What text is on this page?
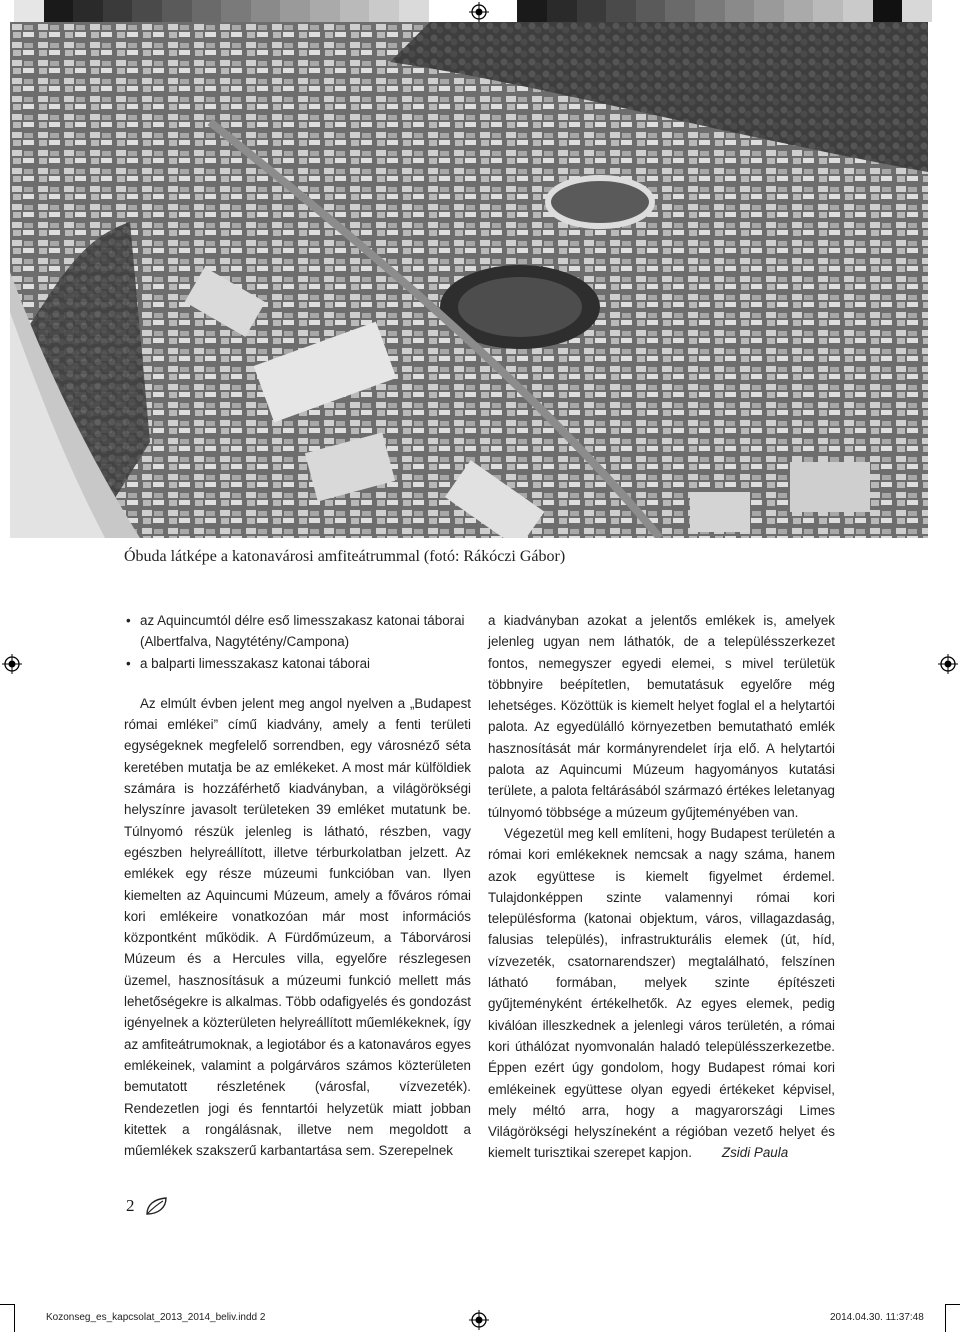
Óbuda látképe a katonavárosi amfiteátrummal (fotó: Rákóczi Gábor)
• az Aquincumtól délre eső limesszakasz katonai táborai (Albertfalva, Nagytétény/Campona)
• a balparti limesszakasz katonai táborai

Az elmúlt évben jelent meg angol nyelven a „Budapest római emlékei” című kiadvány, amely a fenti területi egységeknek megfelelő sorrendben, egy városnéző séta keretében mutatja be az emlékeket. A most már külföldiek számára is hozzáférhető kiadványban, a világörökségi helyszínre javasolt területeken 39 emléket mutatunk be. Túlnyomó részük jelenleg is látható, részben, vagy egészben helyreállított, illetve térburkolatban jelzett. Az emlékek egy része múzeumi funkcióban van. Ilyen kiemelten az Aquincumi Múzeum, amely a főváros római kori emlékeire vonatkozóan már most információs központként működik. A Fürdőmúzeum, a Táborvárosi Múzeum és a Hercules villa, egyelőre részlegesen üzemel, hasznosításuk a múzeumi funkció mellett más lehetőségekre is alkalmas. Több odafigyelés és gondozást igényelnek a közterületen helyreállított műemlékeknek, így az amfiteátrumoknak, a legiotábor és a katonaváros egyes emlékeinek, valamint a polgárváros számos közterületen bemutatott részletének (városfal, vízvezeték). Rendezetlen jogi és fenntartói helyzetük miatt jobban kitettek a rongálásnak, illetve nem megoldott a műemlékek szakszerű karbantartása sem. Szerepelnek

a kiadványban azokat a jelentős emlékek is, amelyek jelenleg ugyan nem láthatók, de a településszerkezet fontos, nemegyszer egyedi elemei, s mivel területük többnyire beépítetlen, bemutatásuk egyelőre még lehetséges. Közöttük is kiemelt helyet foglal el a helytartói palota. Az egyedülálló környezetben bemutatható emlék hasznosítását már kormányrendelet írja elő. A helytartói palota az Aquincumi Múzeum hagyományos kutatási területe, a palota feltárásából származó értékes leletanyag túlnyomó többsége a múzeum gyűjteményében van.

Végezetül meg kell említeni, hogy Budapest területén a római kori emlékeknek nemcsak a nagy száma, hanem azok együttese is kiemelt figyelmet érdemel. Tulajdonképpen szinte valamennyi római kori településforma (katonai objektum, város, villagazdaság, falusias település), infrastrukturális elemek (út, híd, vízvezeték, csatornarendszer) megtalálható, felszínen látható formában, melyek szinte építészeti gyűjteményként értékelhetők. Az egyes elemek, pedig kiválóan illeszkednek a jelenlegi város területén, a római kori úthálózat nyomvonalán haladó településszerkezetbe. Éppen ezért úgy gondolom, hogy Budapest római kori emlékeinek együttese olyan egyedi értékeket képvisel, mely méltó arra, hogy a magyarországi Limes Világörökségi helyszíneként a régióban vezető helyet és kiemelt turisztikai szerepet kapjon. Zsidi Paula

2
Kozonseg_es_kapcsolat_2013_2014_beliv.indd 2	2014.04.30. 11:37:48
